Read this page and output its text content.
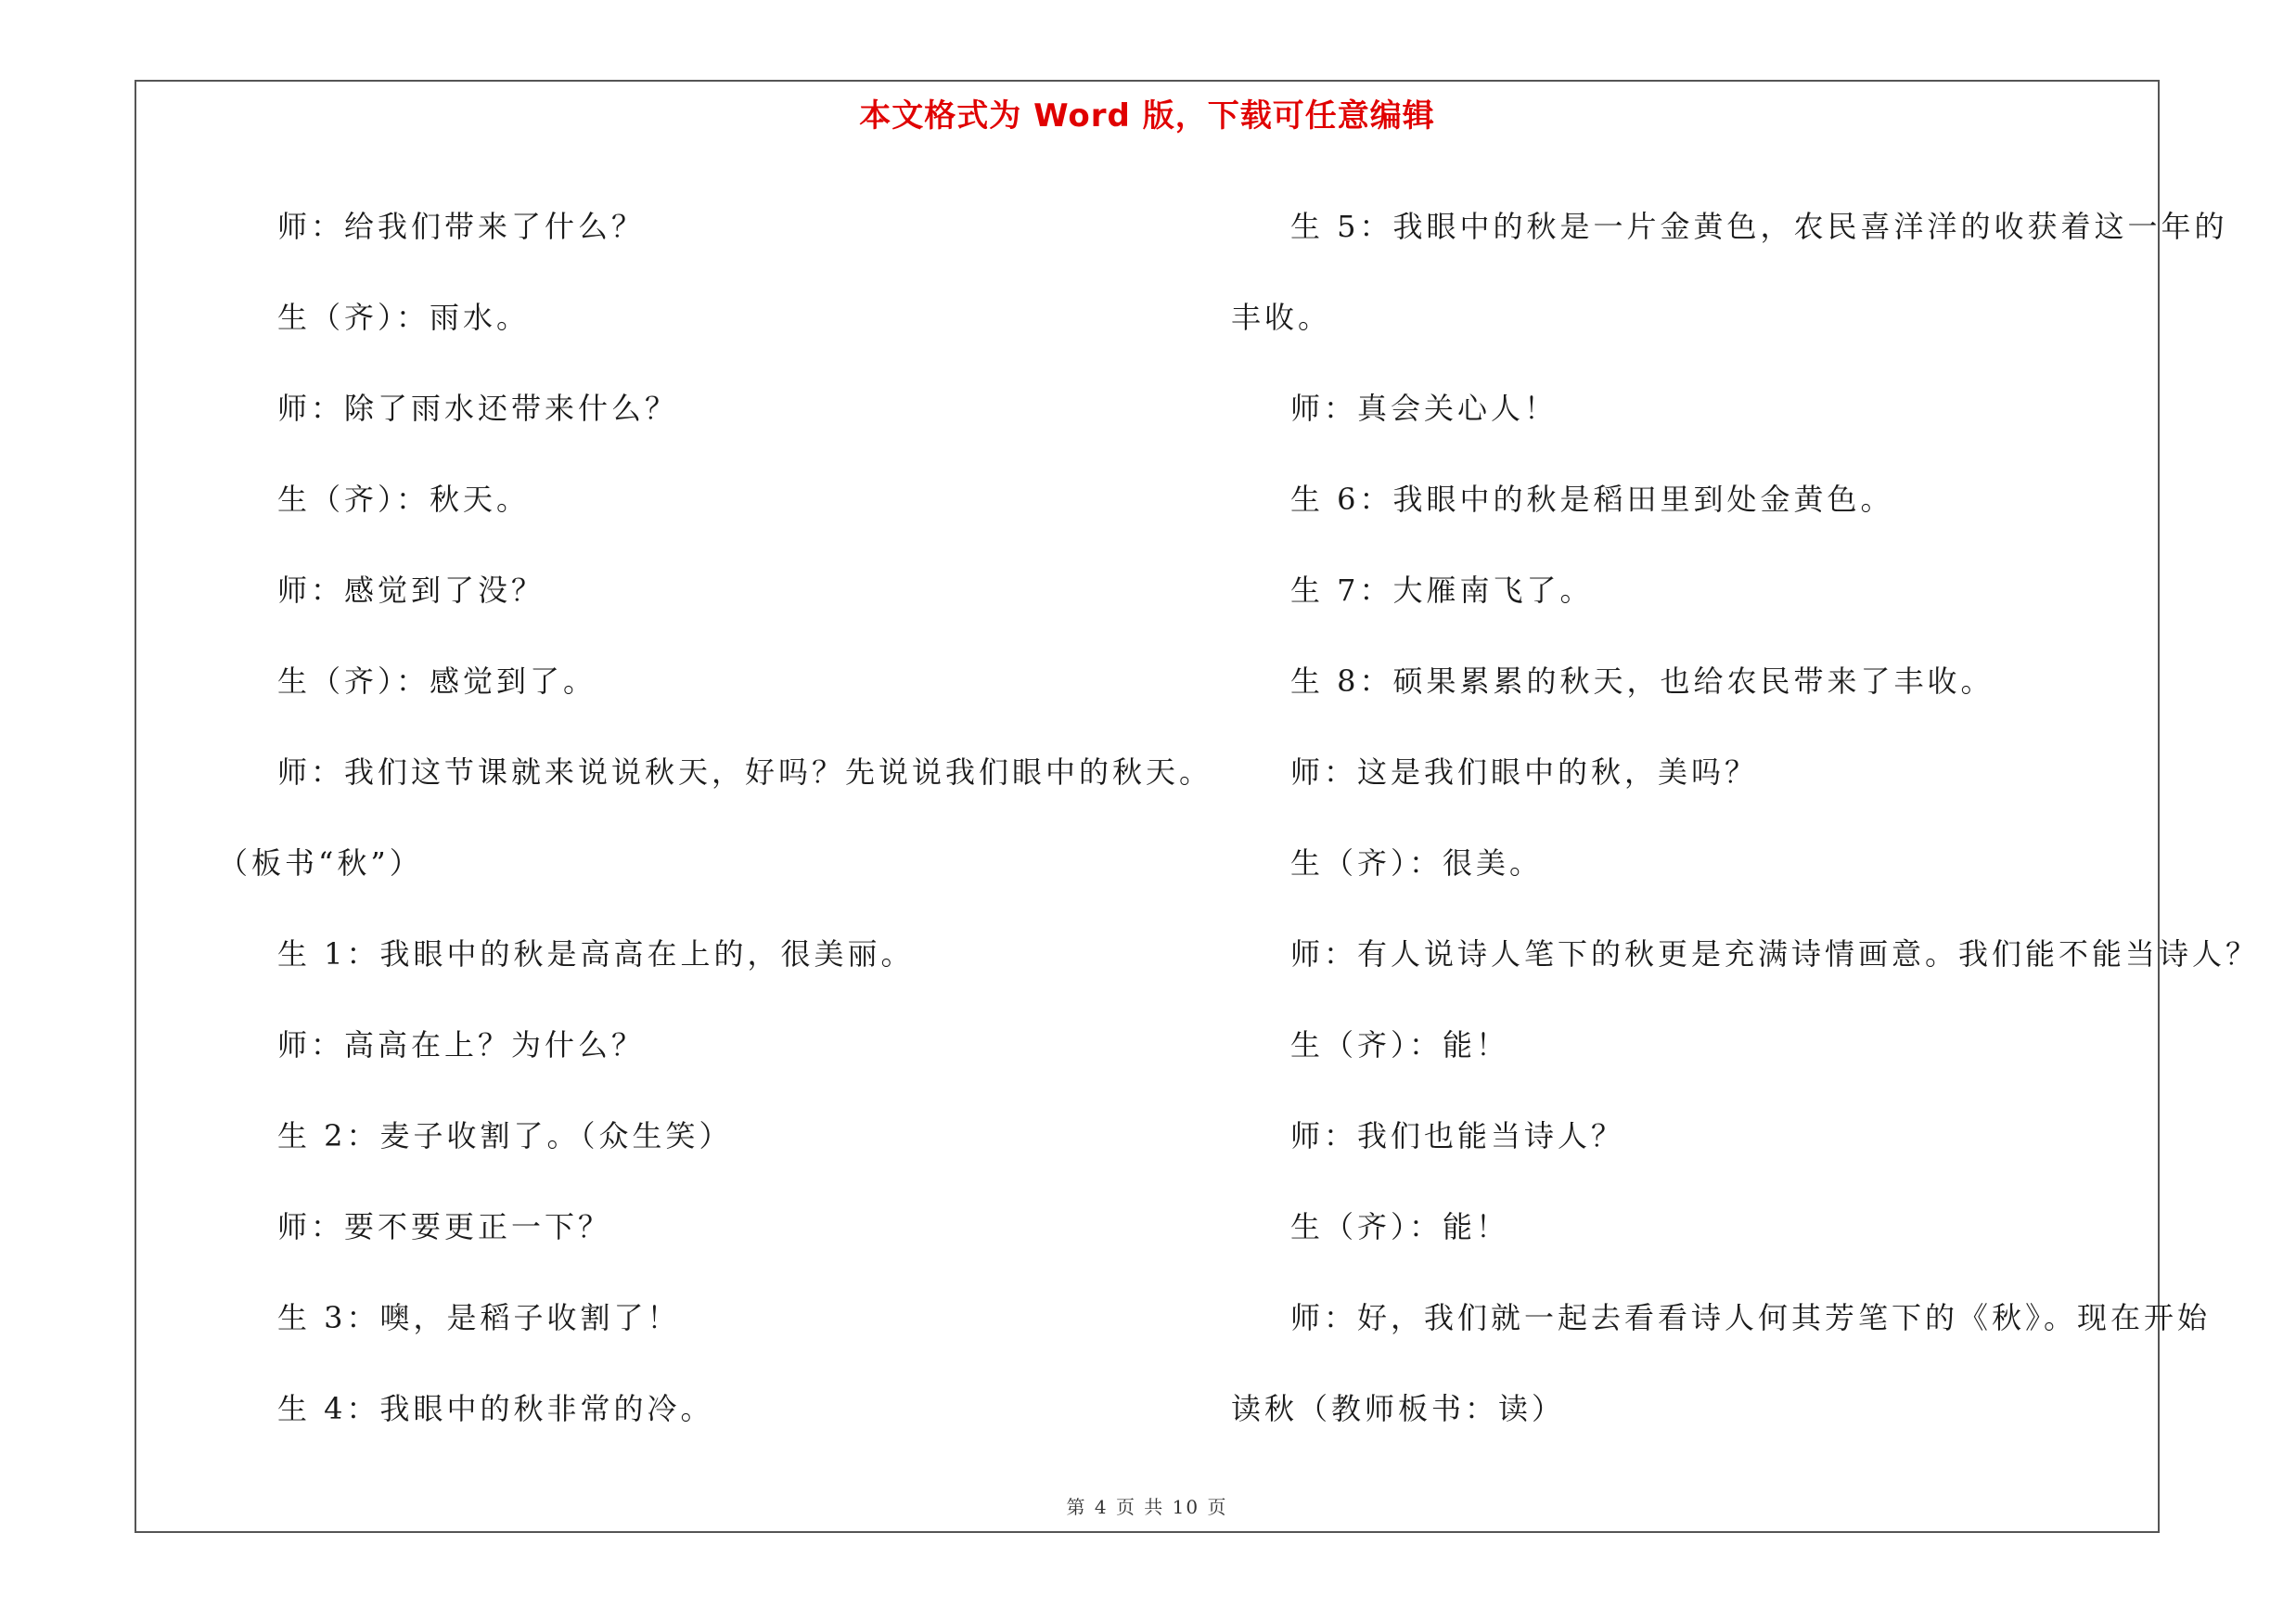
本文格式为 Word 版，下载可任意编辑

师：给我们带来了什么？

生（齐）：雨水。

师：除了雨水还带来什么？

生（齐）：秋天。

师：感觉到了没？

生（齐）：感觉到了。

师：我们这节课就来说说秋天，好吗？先说说我们眼中的秋天。

（板书“秋”）

生 1：我眼中的秋是高高在上的，很美丽。

师：高高在上？为什么？

生 2：麦子收割了。（众生笑）

师：要不要更正一下？

生 3：噢，是稻子收割了！

生 4：我眼中的秋非常的冷。

生 5：我眼中的秋是一片金黄色，农民喜洋洋的收获着这一年的

丰收。

师：真会关心人！

生 6：我眼中的秋是稻田里到处金黄色。

生 7：大雁南飞了。

生 8：硕果累累的秋天，也给农民带来了丰收。

师：这是我们眼中的秋，美吗？

生（齐）：很美。

师：有人说诗人笔下的秋更是充满诗情画意。我们能不能当诗人？

生（齐）：能！

师：我们也能当诗人？

生（齐）：能！

师：好，我们就一起去看看诗人何其芳笔下的《秋》。现在开始

读秋（教师板书：读）

第 4 页 共 10 页
